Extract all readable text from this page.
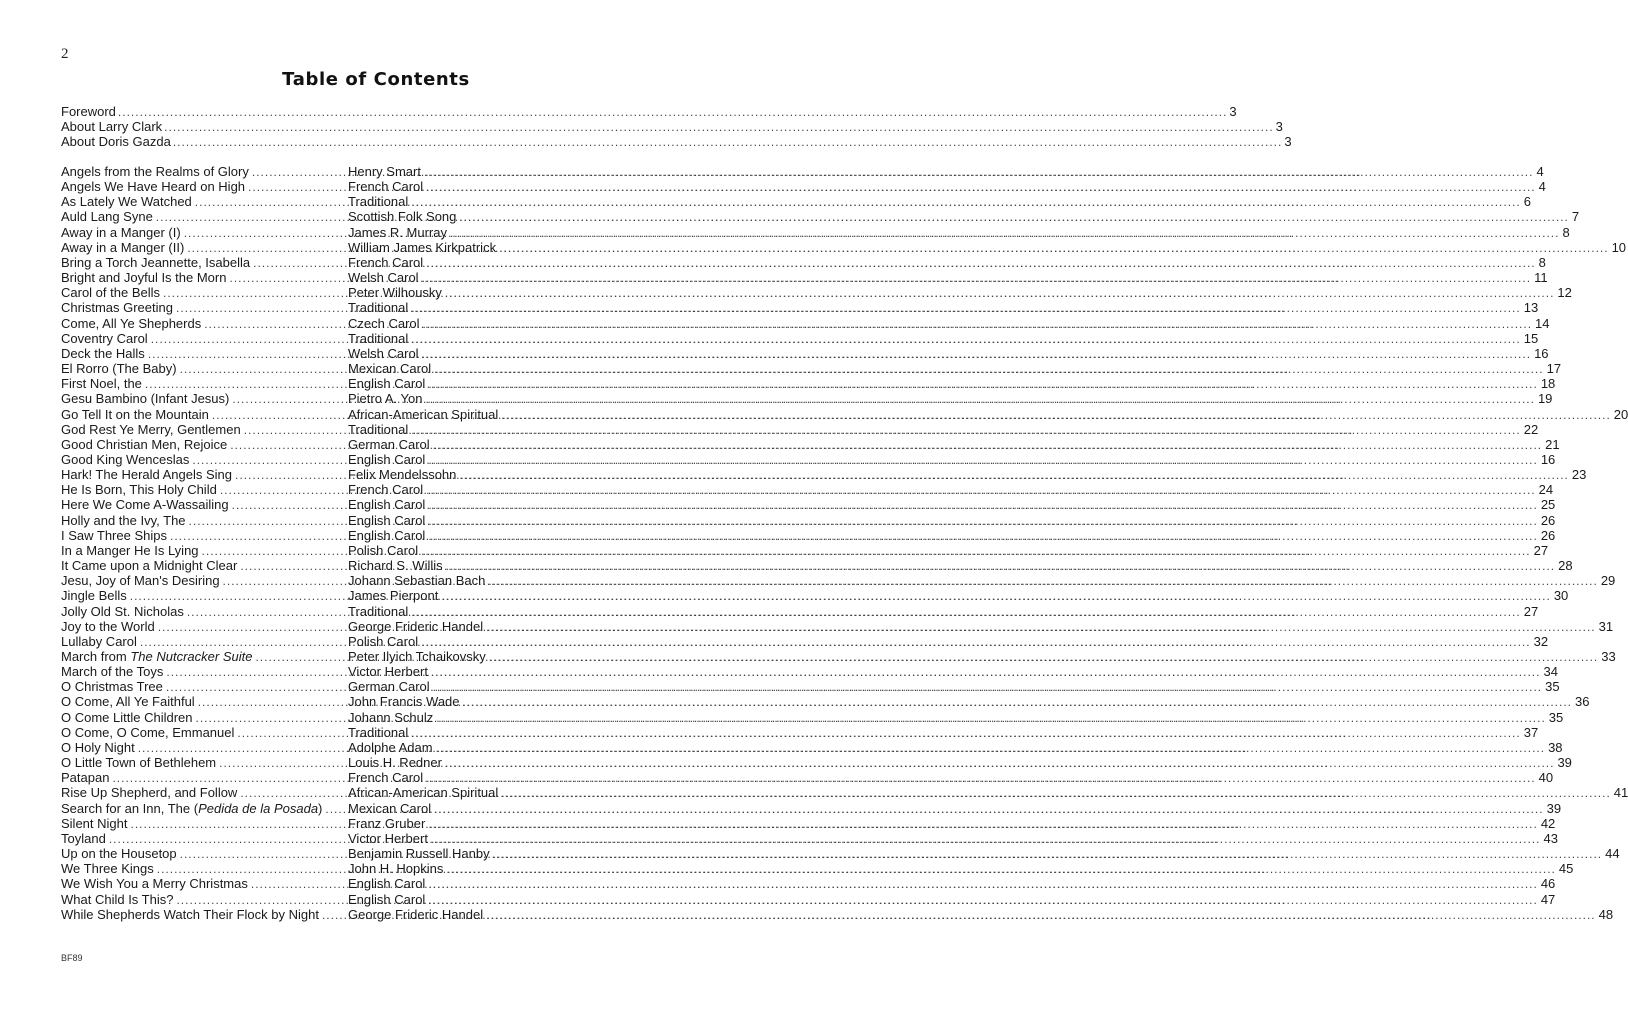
2
Table of Contents
Foreword .....	3
About Larry Clark .....	3
About Doris Gazda .....	3
Angels from the Realms of Glory .....	Henry Smart .....	4
Angels We Have Heard on High .....	French Carol .....	4
As Lately We Watched .....	Traditional .....	6
Auld Lang Syne .....	Scottish Folk Song .....	7
Away in a Manger (I) .....	James R. Murray .....	8
Away in a Manger (II) .....	William James Kirkpatrick .....	10
Bring a Torch Jeannette, Isabella .....	French Carol .....	8
Bright and Joyful Is the Morn .....	Welsh Carol .....	11
Carol of the Bells .....	Peter Wilhousky .....	12
Christmas Greeting .....	Traditional .....	13
Come, All Ye Shepherds .....	Czech Carol .....	14
Coventry Carol .....	Traditional .....	15
Deck the Halls .....	Welsh Carol .....	16
El Rorro (The Baby) .....	Mexican Carol .....	17
First Noel, the .....	English Carol .....	18
Gesu Bambino (Infant Jesus) .....	Pietro A. Yon .....	19
Go Tell It on the Mountain .....	African-American Spiritual .....	20
God Rest Ye Merry, Gentlemen .....	Traditional .....	22
Good Christian Men, Rejoice .....	German Carol .....	21
Good King Wenceslas .....	English Carol .....	16
Hark! The Herald Angels Sing .....	Felix Mendelssohn .....	23
He Is Born, This Holy Child .....	French Carol .....	24
Here We Come A-Wassailing .....	English Carol .....	25
Holly and the Ivy, The .....	English Carol .....	26
I Saw Three Ships .....	English Carol .....	26
In a Manger He Is Lying .....	Polish Carol .....	27
It Came upon a Midnight Clear .....	Richard S. Willis .....	28
Jesu, Joy of Man's Desiring .....	Johann Sebastian Bach .....	29
Jingle Bells .....	James Pierpont .....	30
Jolly Old St. Nicholas .....	Traditional .....	27
Joy to the World .....	George Frideric Handel .....	31
Lullaby Carol .....	Polish Carol .....	32
March from The Nutcracker Suite .....	Peter Ilyich Tchaikovsky .....	33
March of the Toys .....	Victor Herbert .....	34
O Christmas Tree .....	German Carol .....	35
O Come, All Ye Faithful .....	John Francis Wade .....	36
O Come Little Children .....	Johann Schulz .....	35
O Come, O Come, Emmanuel .....	Traditional .....	37
O Holy Night .....	Adolphe Adam .....	38
O Little Town of Bethlehem .....	Louis H. Redner .....	39
Patapan .....	French Carol .....	40
Rise Up Shepherd, and Follow .....	African-American Spiritual .....	41
Search for an Inn, The (Pedida de la Posada) ..... Mexican Carol .....	39
Silent Night .....	Franz Gruber .....	42
Toyland .....	Victor Herbert .....	43
Up on the Housetop .....	Benjamin Russell Hanby .....	44
We Three Kings .....	John H. Hopkins .....	45
We Wish You a Merry Christmas .....	English Carol .....	46
What Child Is This? .....	English Carol .....	47
While Shepherds Watch Their Flock by Night ..... George Frideric Handel .....	48
BF89
